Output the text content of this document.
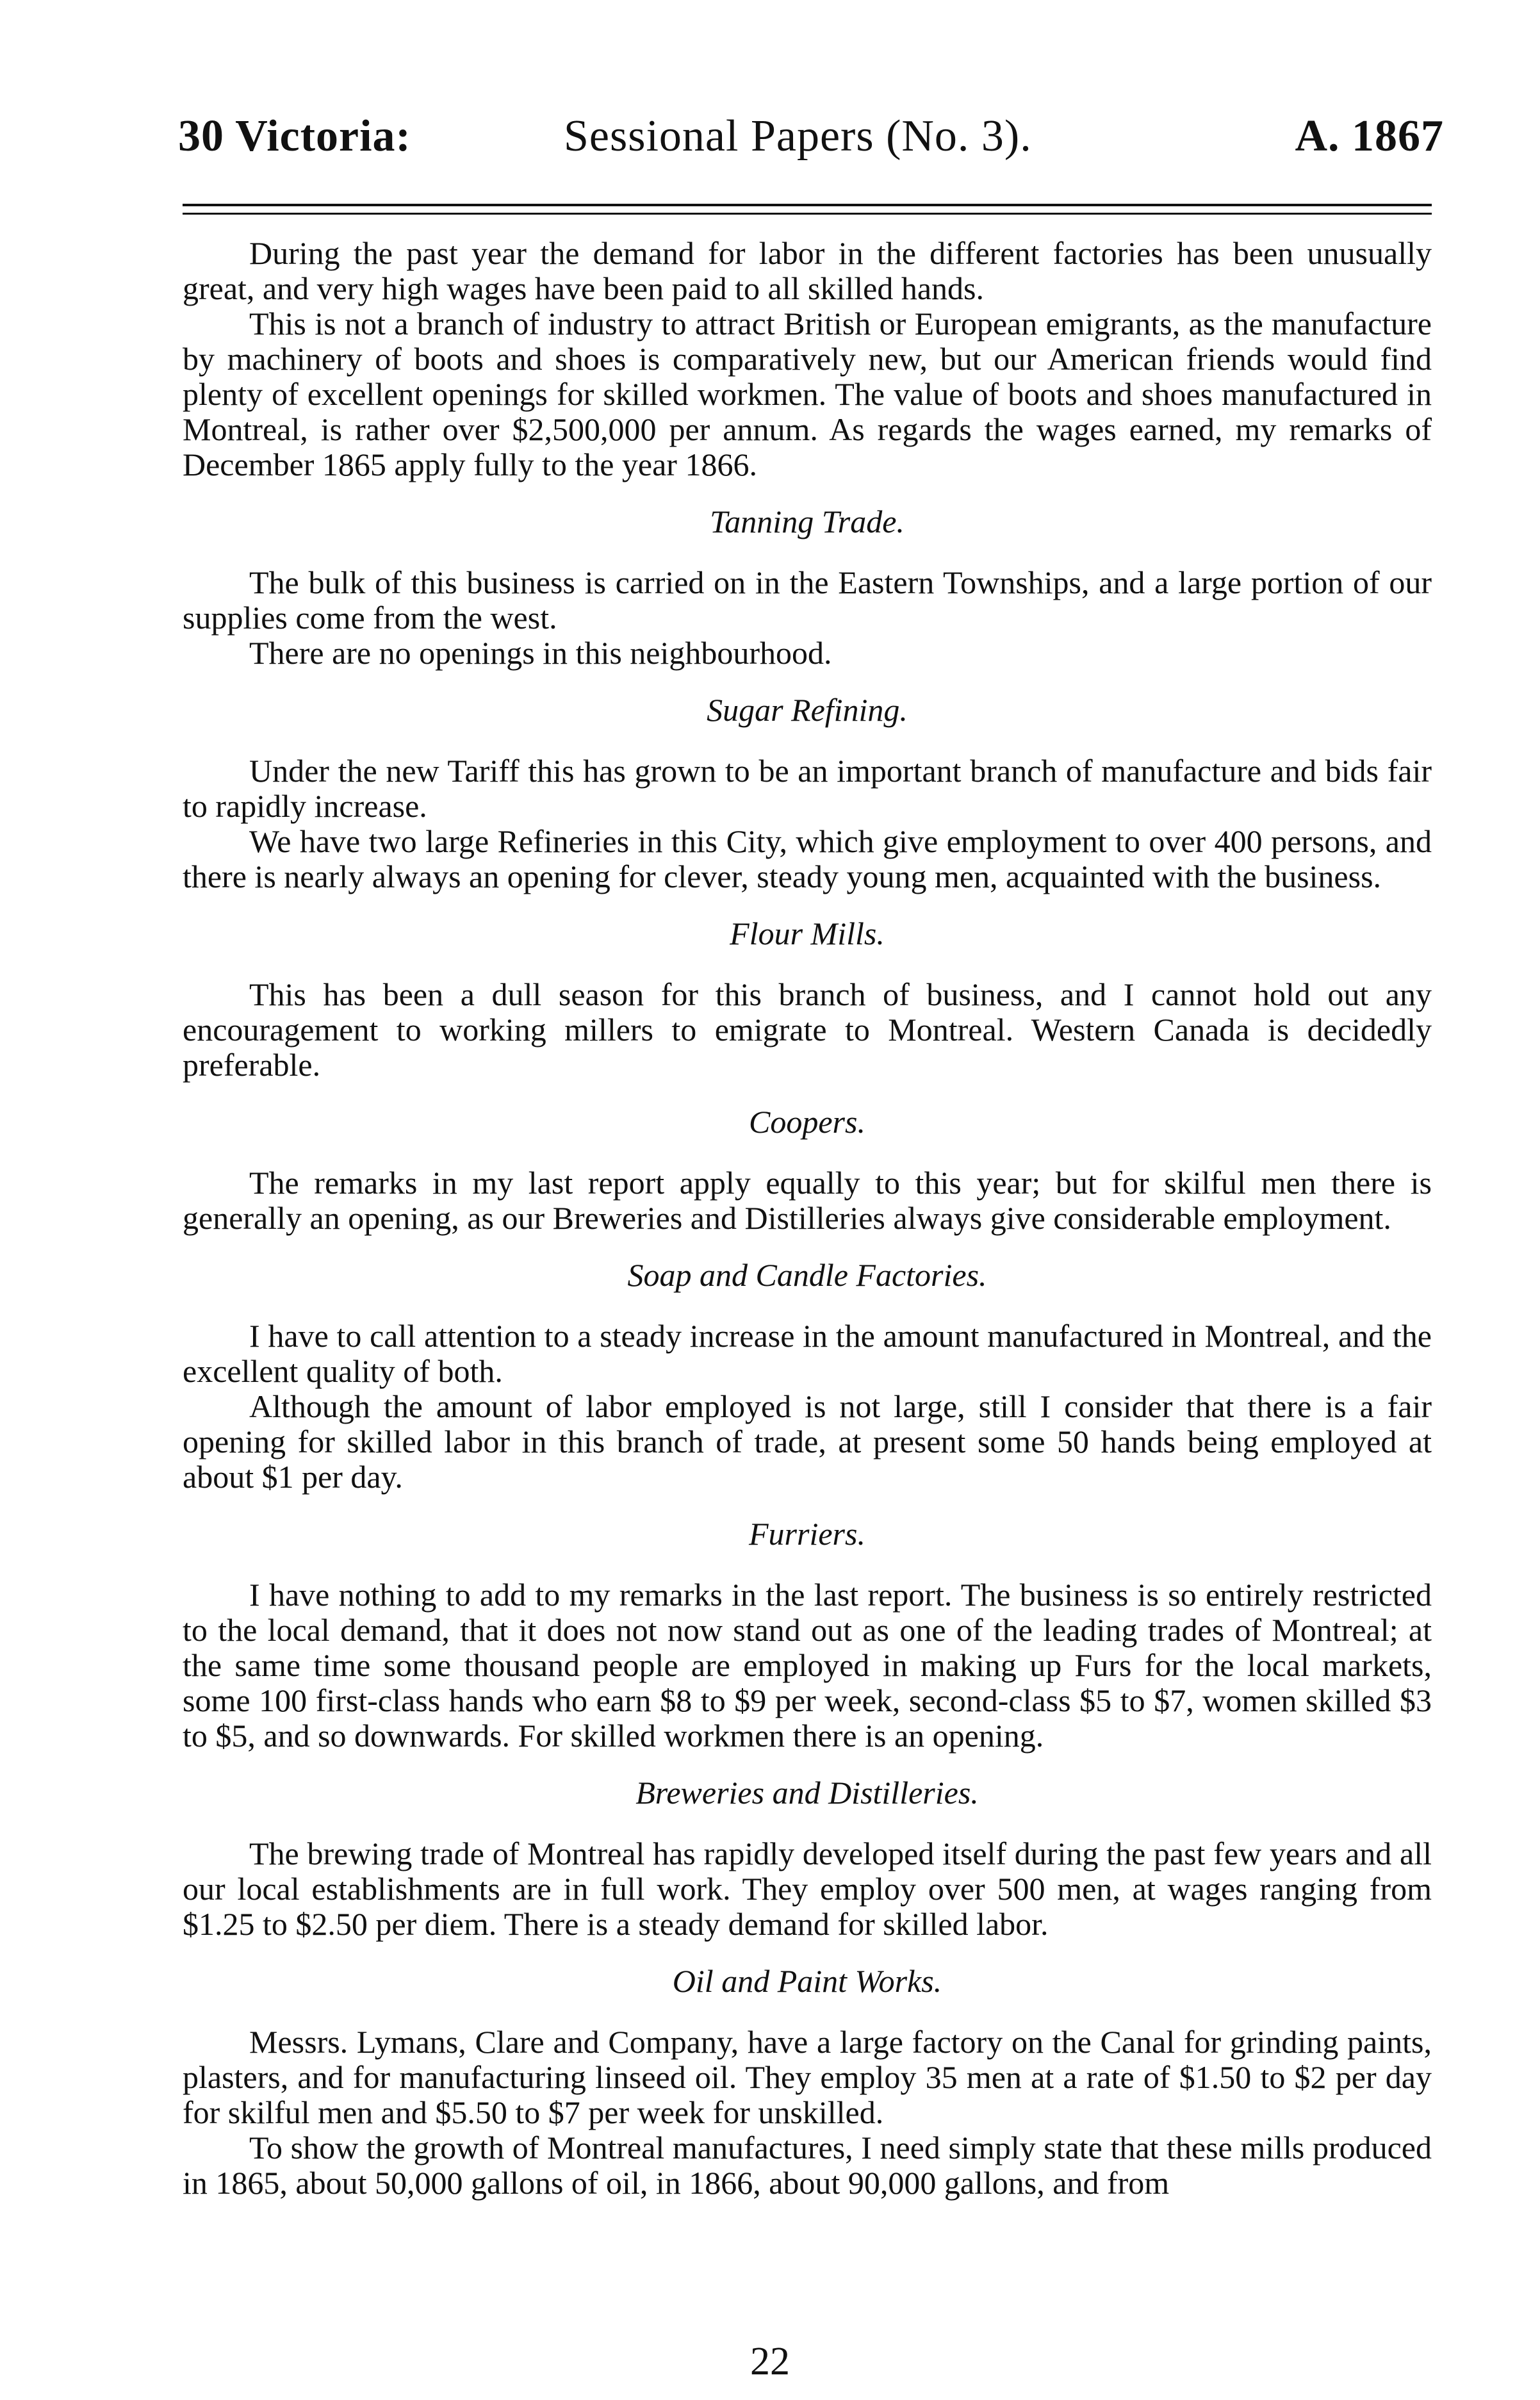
30 Victoria:	Sessional Papers (No. 3).	A. 1867

During the past year the demand for labor in the different factories has been unusually great, and very high wages have been paid to all skilled hands.

This is not a branch of industry to attract British or European emigrants, as the manufacture by machinery of boots and shoes is comparatively new, but our American friends would find plenty of excellent openings for skilled workmen. The value of boots and shoes manufactured in Montreal, is rather over $2,500,000 per annum. As regards the wages earned, my remarks of December 1865 apply fully to the year 1866.

Tanning Trade.

The bulk of this business is carried on in the Eastern Townships, and a large portion of our supplies come from the west.

There are no openings in this neighbourhood.

Sugar Refining.

Under the new Tariff this has grown to be an important branch of manufacture and bids fair to rapidly increase.

We have two large Refineries in this City, which give employment to over 400 persons, and there is nearly always an opening for clever, steady young men, acquainted with the business.

Flour Mills.

This has been a dull season for this branch of business, and I cannot hold out any encouragement to working millers to emigrate to Montreal. Western Canada is decidedly preferable.

Coopers.

The remarks in my last report apply equally to this year; but for skilful men there is generally an opening, as our Breweries and Distilleries always give considerable employment.

Soap and Candle Factories.

I have to call attention to a steady increase in the amount manufactured in Montreal, and the excellent quality of both.

Although the amount of labor employed is not large, still I consider that there is a fair opening for skilled labor in this branch of trade, at present some 50 hands being employed at about $1 per day.

Furriers.

I have nothing to add to my remarks in the last report. The business is so entirely restricted to the local demand, that it does not now stand out as one of the leading trades of Montreal; at the same time some thousand people are employed in making up Furs for the local markets, some 100 first-class hands who earn $8 to $9 per week, second-class $5 to $7, women skilled $3 to $5, and so downwards. For skilled workmen there is an opening.

Breweries and Distilleries.

The brewing trade of Montreal has rapidly developed itself during the past few years and all our local establishments are in full work. They employ over 500 men, at wages ranging from $1.25 to $2.50 per diem. There is a steady demand for skilled labor.

Oil and Paint Works.

Messrs. Lymans, Clare and Company, have a large factory on the Canal for grinding paints, plasters, and for manufacturing linseed oil. They employ 35 men at a rate of $1.50 to $2 per day for skilful men and $5.50 to $7 per week for unskilled.

To show the growth of Montreal manufactures, I need simply state that these mills produced in 1865, about 50,000 gallons of oil, in 1866, about 90,000 gallons, and from

22
